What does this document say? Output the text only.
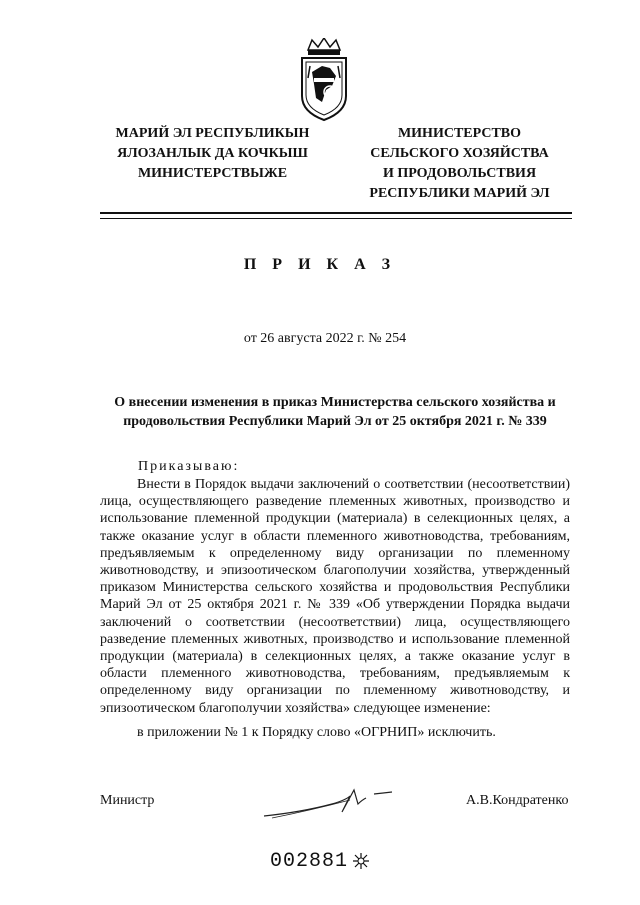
МАРИЙ ЭЛ РЕСПУБЛИКЫН
ЯЛОЗАНЛЫК ДА КОЧКЫШ
МИНИСТЕРСТВЫЖЕ
МИНИСТЕРСТВО
СЕЛЬСКОГО ХОЗЯЙСТВА
И ПРОДОВОЛЬСТВИЯ
РЕСПУБЛИКИ МАРИЙ ЭЛ
П Р И К А З
от 26 августа 2022 г. № 254
О внесении изменения в приказ Министерства сельского хозяйства и продовольствия Республики Марий Эл от 25 октября 2021 г. № 339
Приказываю:
Внести в Порядок выдачи заключений о соответствии (несоответствии) лица, осуществляющего разведение племенных животных, производство и использование племенной продукции (материала) в селекционных целях, а также оказание услуг в области племенного животноводства, требованиям, предъявляемым к определенному виду организации по племенному животноводству, и эпизоотическом благополучии хозяйства, утвержденный приказом Министерства сельского хозяйства и продовольствия Республики Марий Эл от 25 октября 2021 г. № 339 «Об утверждении Порядка выдачи заключений о соответствии (несоответствии) лица, осуществляющего разведение племенных животных, производство и использование племенной продукции (материала) в селекционных целях, а также оказание услуг в области племенного животноводства, требованиям, предъявляемым к определенному виду организации по племенному животноводству, и эпизоотическом благополучии хозяйства» следующее изменение:
в приложении № 1 к Порядку слово «ОГРНИП» исключить.
Министр	А.В.Кондратенко
002881
